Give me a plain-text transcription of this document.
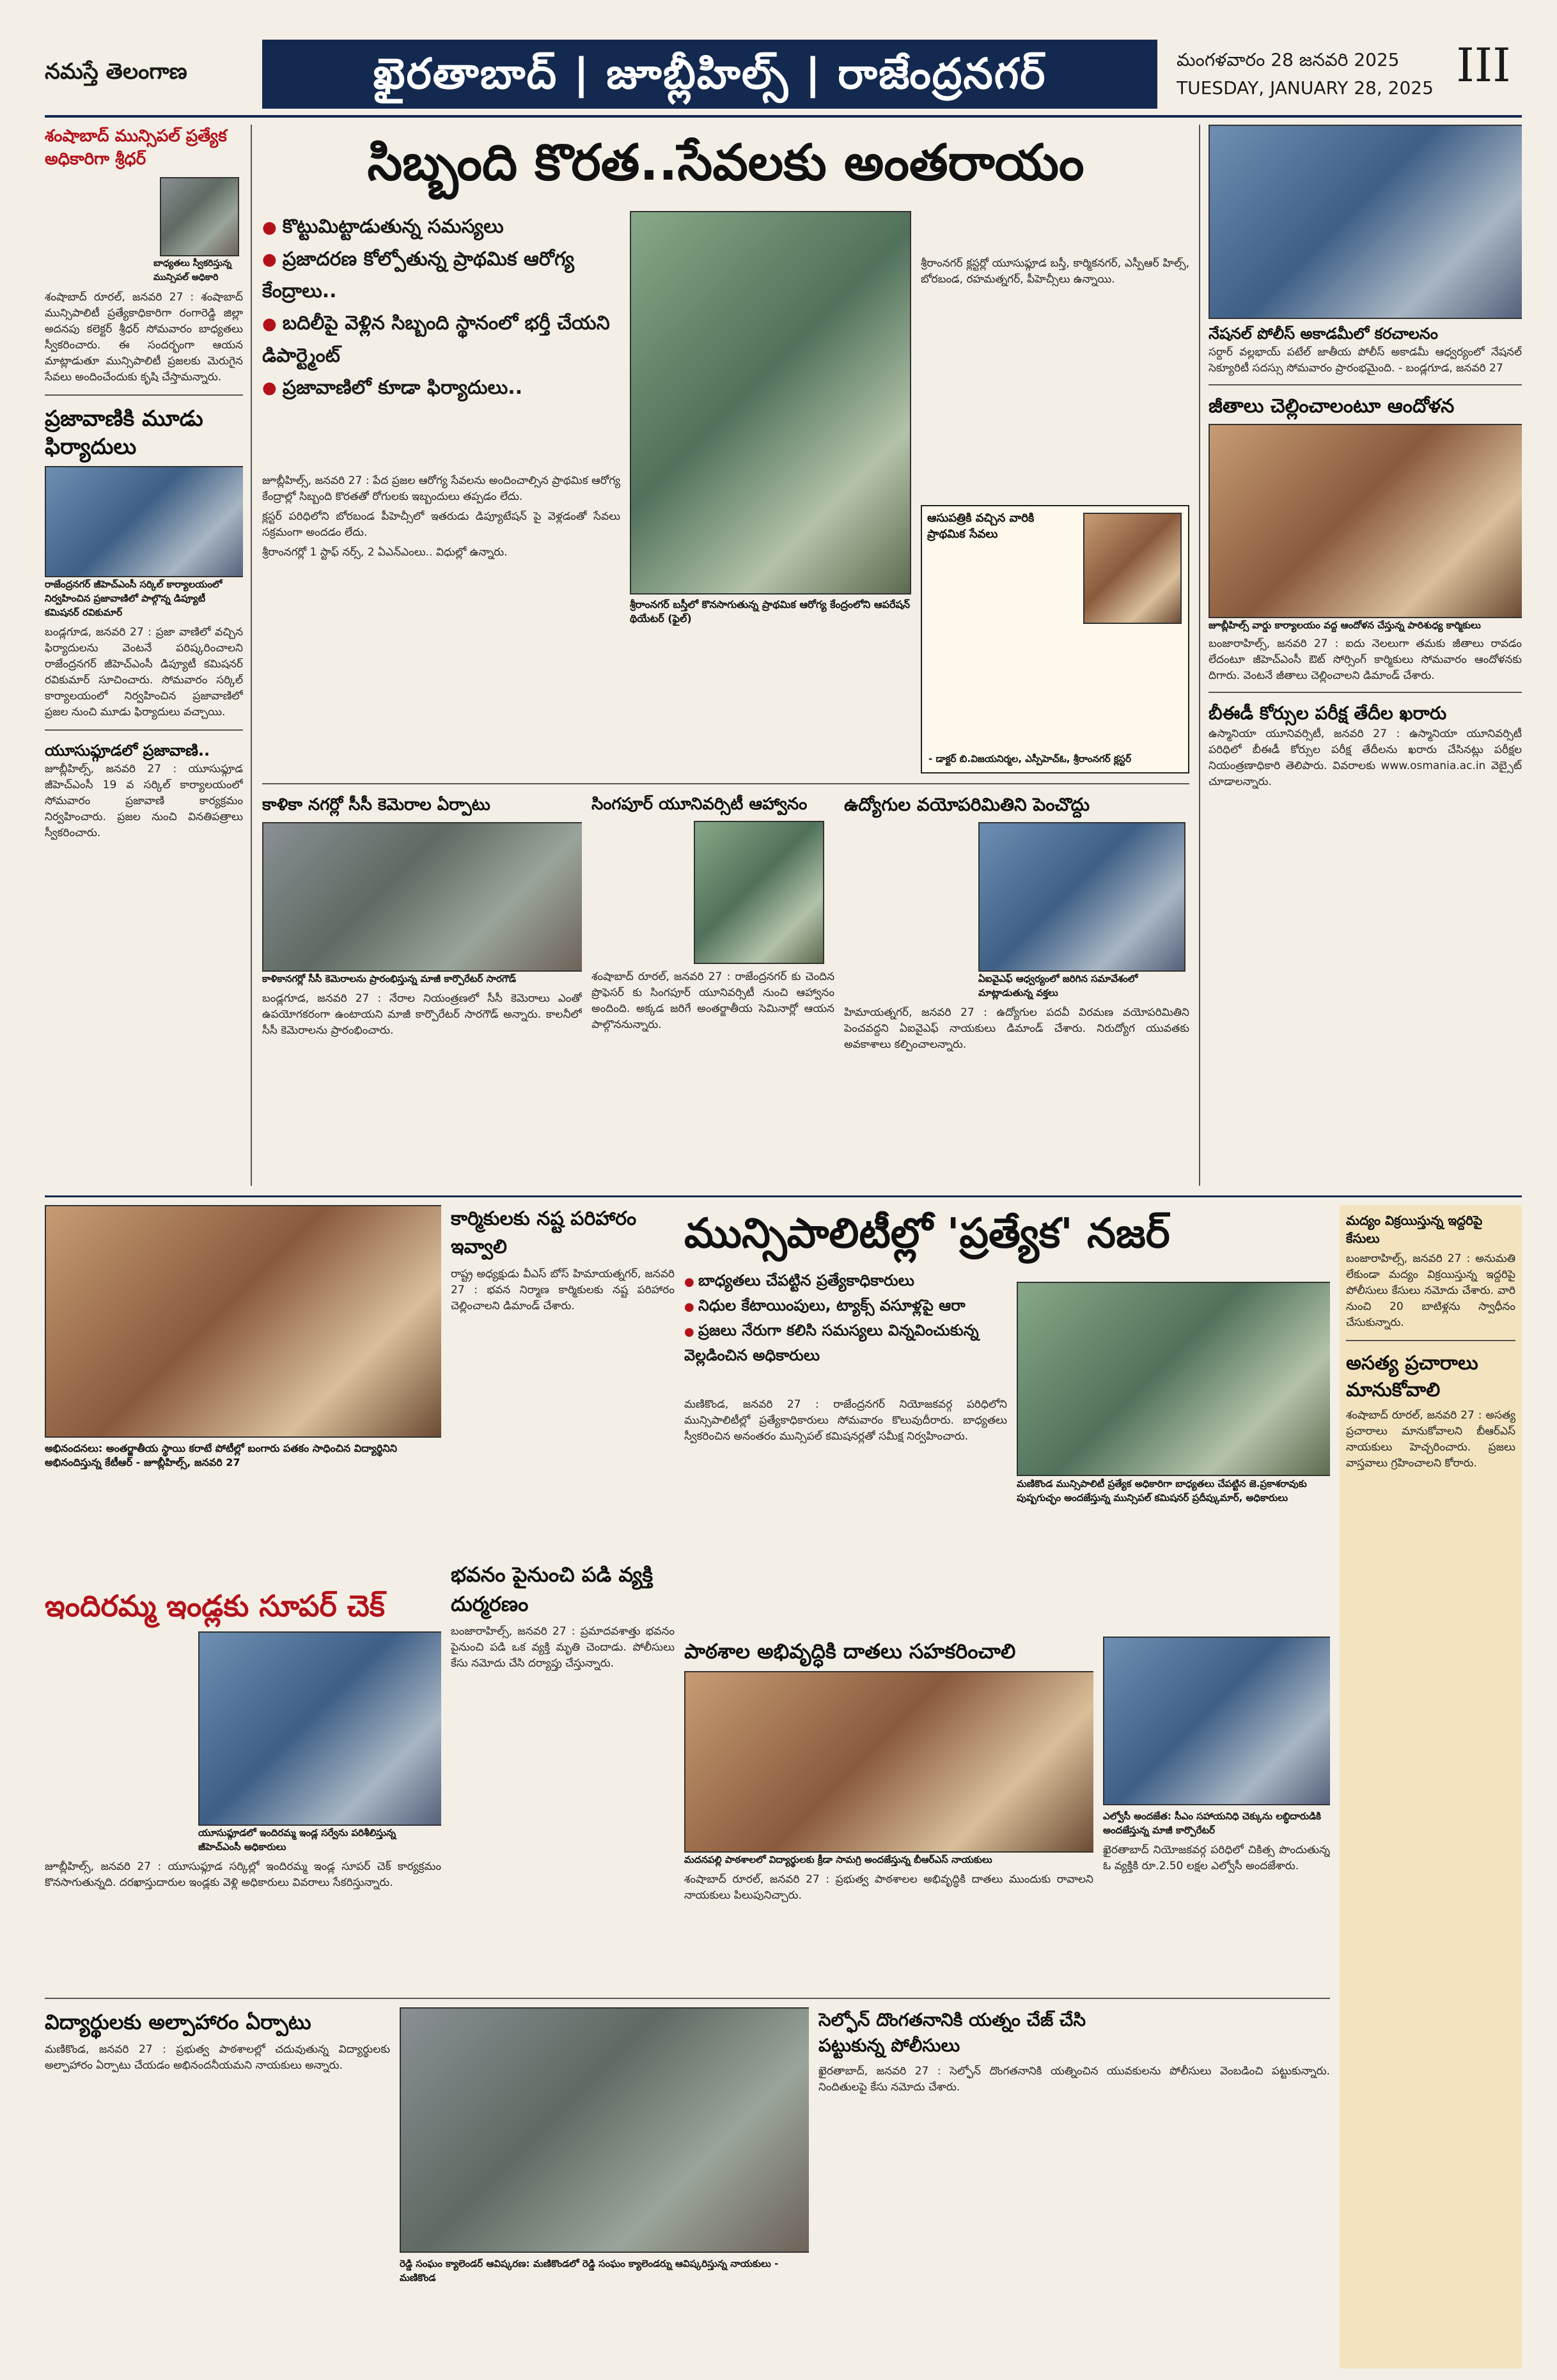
నమస్తే తెలంగాణ	ఖైరతాబాద్ | జూబ్లీహిల్స్ | రాజేంద్రనగర్	మంగళవారం 28 జనవరి 2025
TUESDAY, JANUARY 28, 2025 III
శంషాబాద్ మున్సిపల్ ప్రత్యేక అధికారిగా శ్రీధర్
బాధ్యతలు స్వీకరిస్తున్న మున్సిపల్ అధికారి
శంషాబాద్ రూరల్, జనవరి 27 : శంషాబాద్ మున్సిపాలిటీ ప్రత్యేకాధికారిగా రంగారెడ్డి జిల్లా అదనపు కలెక్టర్ శ్రీధర్ సోమవారం బాధ్యతలు స్వీకరించారు. ఈ సందర్భంగా ఆయన మాట్లాడుతూ మున్సిపాలిటీ ప్రజలకు మెరుగైన సేవలు అందించేందుకు కృషి చేస్తామన్నారు.
ప్రజావాణికి మూడు ఫిర్యాదులు
రాజేంద్రనగర్ జీహెచ్ఎంసీ సర్కిల్ కార్యాలయంలో నిర్వహించిన ప్రజావాణిలో పాల్గొన్న డిప్యూటీ కమిషనర్ రవికుమార్
బండ్లగూడ, జనవరి 27 : ప్రజా వాణిలో వచ్చిన ఫిర్యాదులను వెంటనే పరిష్కరించాలని రాజేంద్రనగర్ జీహెచ్ఎంసీ డిప్యూటీ కమిషనర్ రవికుమార్ సూచించారు. సోమవారం సర్కిల్ కార్యాలయంలో నిర్వహించిన ప్రజావాణిలో ప్రజల నుంచి మూడు ఫిర్యాదులు వచ్చాయి.
యూసుఫ్గూడలో ప్రజావాణి..
జూబ్లీహిల్స్, జనవరి 27 : యూసుఫ్గూడ జీహెచ్ఎంసీ 19 వ సర్కిల్ కార్యాలయంలో సోమవారం ప్రజావాణి కార్యక్రమం నిర్వహించారు. ప్రజల నుంచి వినతిపత్రాలు స్వీకరించారు.
సిబ్బంది కొరత..సేవలకు అంతరాయం
● కొట్టుమిట్టాడుతున్న సమస్యలు
● ప్రజాదరణ కోల్పోతున్న ప్రాథమిక ఆరోగ్య కేంద్రాలు..
● బదిలీపై వెళ్లిన సిబ్బంది స్థానంలో భర్తీ చేయని డిపార్ట్మెంట్
● ప్రజావాణిలో కూడా ఫిర్యాదులు..

జూబ్లీహిల్స్, జనవరి 27 : పేద ప్రజల ఆరోగ్య సేవలను అందించాల్సిన ప్రాథమిక ఆరోగ్య కేంద్రాల్లో సిబ్బంది కొరతతో రోగులకు ఇబ్బందులు తప్పడం లేదు.

క్లస్టర్ పరిధిలోని బోరబండ పీహెచ్సీలో ఇతరుడు డిప్యూటేషన్ పై వెళ్లడంతో సేవలు సక్రమంగా అందడం లేదు.

శ్రీరాంనగర్లో 1 స్టాఫ్ నర్స్, 2 ఏఎన్ఎంలు.. విధుల్లో ఉన్నారు.

శ్రీరాంనగర్ బస్తీలో కొనసాగుతున్న ప్రాథమిక ఆరోగ్య కేంద్రంలోని ఆపరేషన్ థియేటర్ (ఫైల్)
శ్రీరాంనగర్ క్లస్టర్లో యూసుఫ్గూడ బస్తీ, కార్మికనగర్, ఎస్పీఆర్ హిల్స్, బోరబండ, రహమత్నగర్, పీహెచ్సీలు ఉన్నాయి.
ఆసుపత్రికి వచ్చిన వారికి ప్రాథమిక సేవలు
- డాక్టర్ బి.విజయనిర్మల, ఎస్పీహెచ్ఓ, శ్రీరాంనగర్ క్లస్టర్
నేషనల్ పోలీస్ అకాడమీలో కరచాలనం
సర్దార్ వల్లభాయ్ పటేల్ జాతీయ పోలీస్ అకాడమీ ఆధ్వర్యంలో నేషనల్ సెక్యూరిటీ సదస్సు సోమవారం ప్రారంభమైంది. - బండ్లగూడ, జనవరి 27
జీతాలు చెల్లించాలంటూ ఆందోళన
జూబ్లీహిల్స్ వార్డు కార్యాలయం వద్ద ఆందోళన చేస్తున్న పారిశుధ్య కార్మికులు
బంజారాహిల్స్, జనవరి 27 : ఐదు నెలలుగా తమకు జీతాలు రావడం లేదంటూ జీహెచ్ఎంసీ ఔట్ సోర్సింగ్ కార్మికులు సోమవారం ఆందోళనకు దిగారు. వెంటనే జీతాలు చెల్లించాలని డిమాండ్ చేశారు.
బీఈడీ కోర్సుల పరీక్ష తేదీల ఖరారు
ఉస్మానియా యూనివర్సిటీ, జనవరి 27 : ఉస్మానియా యూనివర్సిటీ పరిధిలో బీఈడీ కోర్సుల పరీక్ష తేదీలను ఖరారు చేసినట్లు పరీక్షల నియంత్రణాధికారి తెలిపారు. వివరాలకు www.osmania.ac.in వెబ్సైట్ చూడాలన్నారు.
కాళికా నగర్లో సీసీ కెమెరాల ఏర్పాటు
కాళికానగర్లో సీసీ కెమెరాలను ప్రారంభిస్తున్న మాజీ కార్పొరేటర్ సారగౌడ్
బండ్లగూడ, జనవరి 27 : నేరాల నియంత్రణలో సీసీ కెమెరాలు ఎంతో ఉపయోగకరంగా ఉంటాయని మాజీ కార్పొరేటర్ సారగౌడ్ అన్నారు. కాలనీలో సీసీ కెమెరాలను ప్రారంభించారు.
సింగపూర్ యూనివర్సిటీ ఆహ్వానం
శంషాబాద్ రూరల్, జనవరి 27 : రాజేంద్రనగర్ కు చెందిన ప్రొఫెసర్ కు సింగపూర్ యూనివర్సిటీ నుంచి ఆహ్వానం అందింది. అక్కడ జరిగే అంతర్జాతీయ సెమినార్లో ఆయన పాల్గొననున్నారు.
ఉద్యోగుల వయోపరిమితిని పెంచొద్దు
ఏఐవైఎఫ్ ఆధ్వర్యంలో జరిగిన సమావేశంలో మాట్లాడుతున్న వక్తలు
హిమాయత్నగర్, జనవరి 27 : ఉద్యోగుల పదవీ విరమణ వయోపరిమితిని పెంచవద్దని ఏఐవైఎఫ్ నాయకులు డిమాండ్ చేశారు. నిరుద్యోగ యువతకు అవకాశాలు కల్పించాలన్నారు.
అభినందనలు: అంతర్జాతీయ స్థాయి కరాటే పోటీల్లో బంగారు పతకం సాధించిన విద్యార్థినిని అభినందిస్తున్న కేటీఆర్ - జూబ్లీహిల్స్, జనవరి 27
ఇందిరమ్మ ఇండ్లకు సూపర్ చెక్
యూసుఫ్గూడలో ఇందిరమ్మ ఇండ్ల సర్వేను పరిశీలిస్తున్న జీహెచ్ఎంసీ అధికారులు
జూబ్లీహిల్స్, జనవరి 27 : యూసుఫ్గూడ సర్కిల్లో ఇందిరమ్మ ఇండ్ల సూపర్ చెక్ కార్యక్రమం కొనసాగుతున్నది. దరఖాస్తుదారుల ఇండ్లకు వెళ్లి అధికారులు వివరాలు సేకరిస్తున్నారు.
కార్మికులకు నష్ట పరిహారం ఇవ్వాలి
రాష్ట్ర అధ్యక్షుడు వీఎస్ బోస్ హిమాయత్నగర్, జనవరి 27 : భవన నిర్మాణ కార్మికులకు నష్ట పరిహారం చెల్లించాలని డిమాండ్ చేశారు.
భవనం పైనుంచి పడి వ్యక్తి దుర్మరణం
బంజారాహిల్స్, జనవరి 27 : ప్రమాదవశాత్తు భవనం పైనుంచి పడి ఒక వ్యక్తి మృతి చెందాడు. పోలీసులు కేసు నమోదు చేసి దర్యాప్తు చేస్తున్నారు.
మున్సిపాలిటీల్లో 'ప్రత్యేక' నజర్
● బాధ్యతలు చేపట్టిన ప్రత్యేకాధికారులు
● నిధుల కేటాయింపులు, ట్యాక్స్ వసూళ్లపై ఆరా
● ప్రజలు నేరుగా కలిసి సమస్యలు విన్నవించుకున్న వెల్లడించిన అధికారులు
మణికొండ మున్సిపాలిటీ ప్రత్యేక అధికారిగా బాధ్యతలు చేపట్టిన జె.ప్రకాశరావుకు పుష్పగుచ్ఛం అందజేస్తున్న మున్సిపల్ కమిషనర్ ప్రదీప్కుమార్, అధికారులు
మణికొండ, జనవరి 27 : రాజేంద్రనగర్ నియోజకవర్గ పరిధిలోని మున్సిపాలిటీల్లో ప్రత్యేకాధికారులు సోమవారం కొలువుదీరారు. బాధ్యతలు స్వీకరించిన అనంతరం మున్సిపల్ కమిషనర్లతో సమీక్ష నిర్వహించారు.
పాఠశాల అభివృద్ధికి దాతలు సహకరించాలి
మదనపల్లి పాఠశాలలో విద్యార్థులకు క్రీడా సామగ్రి అందజేస్తున్న బీఆర్ఎస్ నాయకులు
శంషాబాద్ రూరల్, జనవరి 27 : ప్రభుత్వ పాఠశాలల అభివృద్ధికి దాతలు ముందుకు రావాలని నాయకులు పిలుపునిచ్చారు.
ఎల్వోసీ అందజేత: సీఎం సహాయనిధి చెక్కును లబ్ధిదారుడికి అందజేస్తున్న మాజీ కార్పొరేటర్
ఖైరతాబాద్ నియోజకవర్గ పరిధిలో చికిత్స పొందుతున్న ఓ వ్యక్తికి రూ.2.50 లక్షల ఎల్వోసీ అందజేశారు.
మద్యం విక్రయిస్తున్న ఇద్దరిపై కేసులు
బంజారాహిల్స్, జనవరి 27 : అనుమతి లేకుండా మద్యం విక్రయిస్తున్న ఇద్దరిపై పోలీసులు కేసులు నమోదు చేశారు. వారి నుంచి 20 బాటిళ్లను స్వాధీనం చేసుకున్నారు.
అసత్య ప్రచారాలు మానుకోవాలి
శంషాబాద్ రూరల్, జనవరి 27 : అసత్య ప్రచారాలు మానుకోవాలని బీఆర్ఎస్ నాయకులు హెచ్చరించారు. ప్రజలు వాస్తవాలు గ్రహించాలని కోరారు.
విద్యార్థులకు అల్పాహారం ఏర్పాటు
మణికొండ, జనవరి 27 : ప్రభుత్వ పాఠశాలల్లో చదువుతున్న విద్యార్థులకు అల్పాహారం ఏర్పాటు చేయడం అభినందనీయమని నాయకులు అన్నారు.
రెడ్డి సంఘం క్యాలెండర్ ఆవిష్కరణ: మణికొండలో రెడ్డి సంఘం క్యాలెండర్ను ఆవిష్కరిస్తున్న నాయకులు - మణికొండ
సెల్ఫోన్ దొంగతనానికి యత్నం చేజ్ చేసి పట్టుకున్న పోలీసులు
ఖైరతాబాద్, జనవరి 27 : సెల్ఫోన్ దొంగతనానికి యత్నించిన యువకులను పోలీసులు వెంబడించి పట్టుకున్నారు. నిందితులపై కేసు నమోదు చేశారు.
